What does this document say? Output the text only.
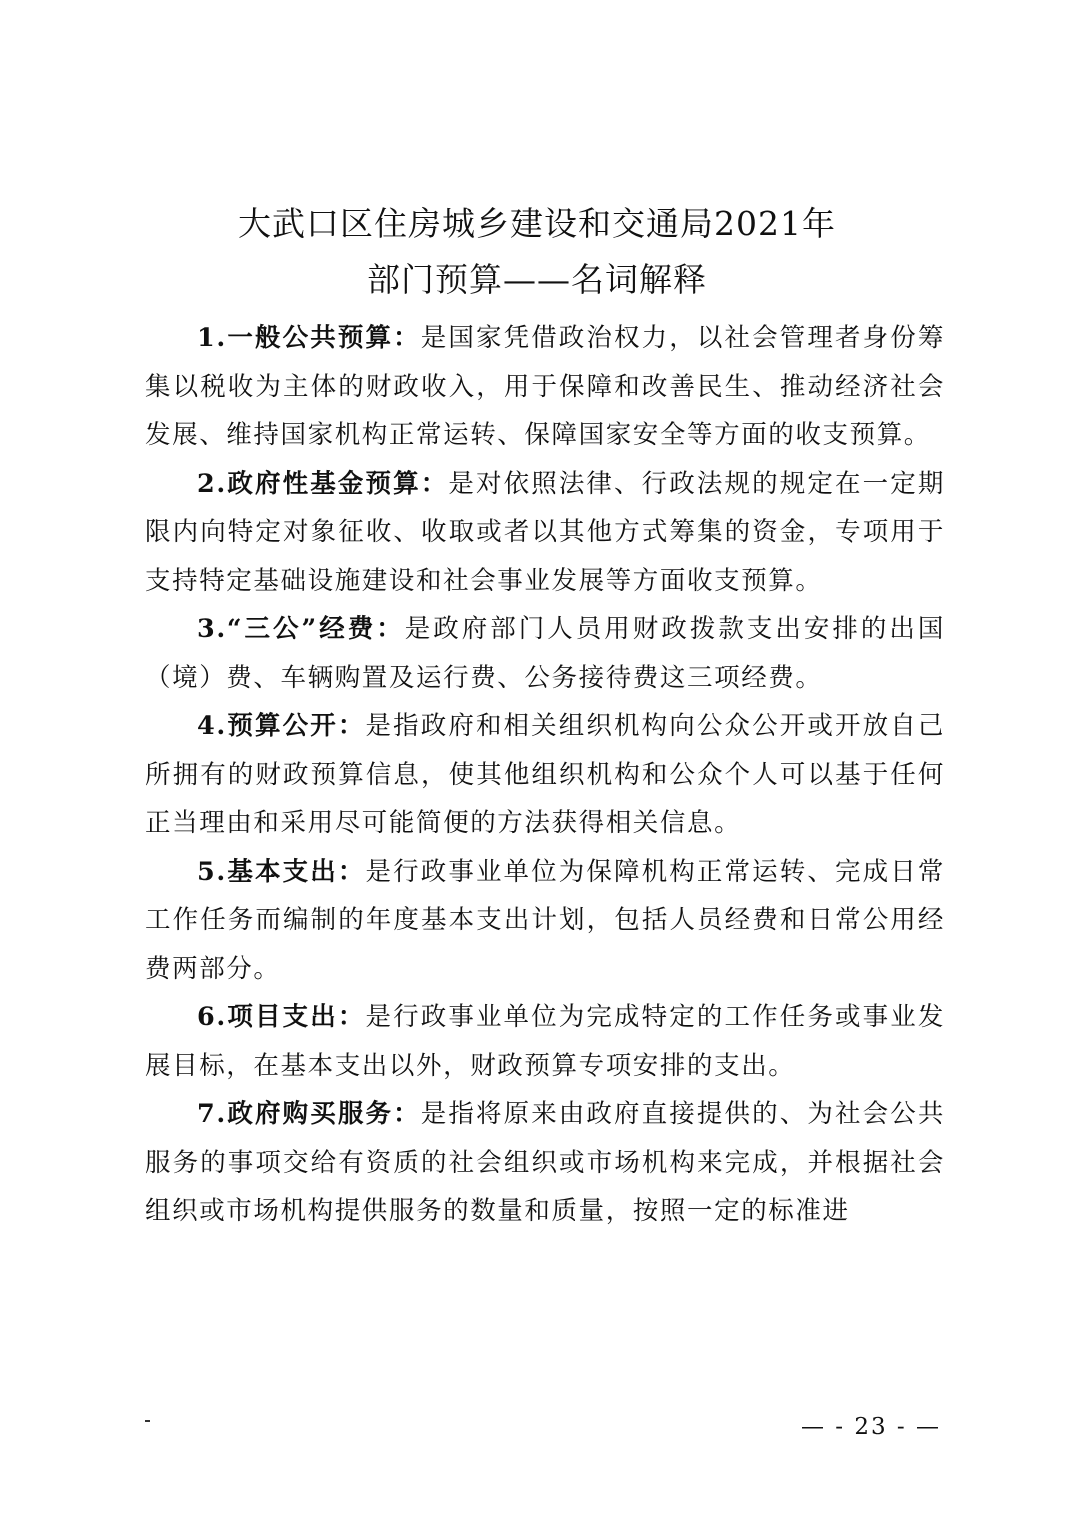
大武口区住房城乡建设和交通局2021年
部门预算——名词解释

1.一般公共预算：是国家凭借政治权力，以社会管理者身份筹集以税收为主体的财政收入，用于保障和改善民生、推动经济社会发展、维持国家机构正常运转、保障国家安全等方面的收支预算。

2.政府性基金预算：是对依照法律、行政法规的规定在一定期限内向特定对象征收、收取或者以其他方式筹集的资金，专项用于支持特定基础设施建设和社会事业发展等方面收支预算。

3.“三公”经费：是政府部门人员用财政拨款支出安排的出国（境）费、车辆购置及运行费、公务接待费这三项经费。

4.预算公开：是指政府和相关组织机构向公众公开或开放自己所拥有的财政预算信息，使其他组织机构和公众个人可以基于任何正当理由和采用尽可能简便的方法获得相关信息。

5.基本支出：是行政事业单位为保障机构正常运转、完成日常工作任务而编制的年度基本支出计划，包括人员经费和日常公用经费两部分。

6.项目支出：是行政事业单位为完成特定的工作任务或事业发展目标，在基本支出以外，财政预算专项安排的支出。

7.政府购买服务：是指将原来由政府直接提供的、为社会公共服务的事项交给有资质的社会组织或市场机构来完成，并根据社会组织或市场机构提供服务的数量和质量，按照一定的标准进

— - 23 - —
